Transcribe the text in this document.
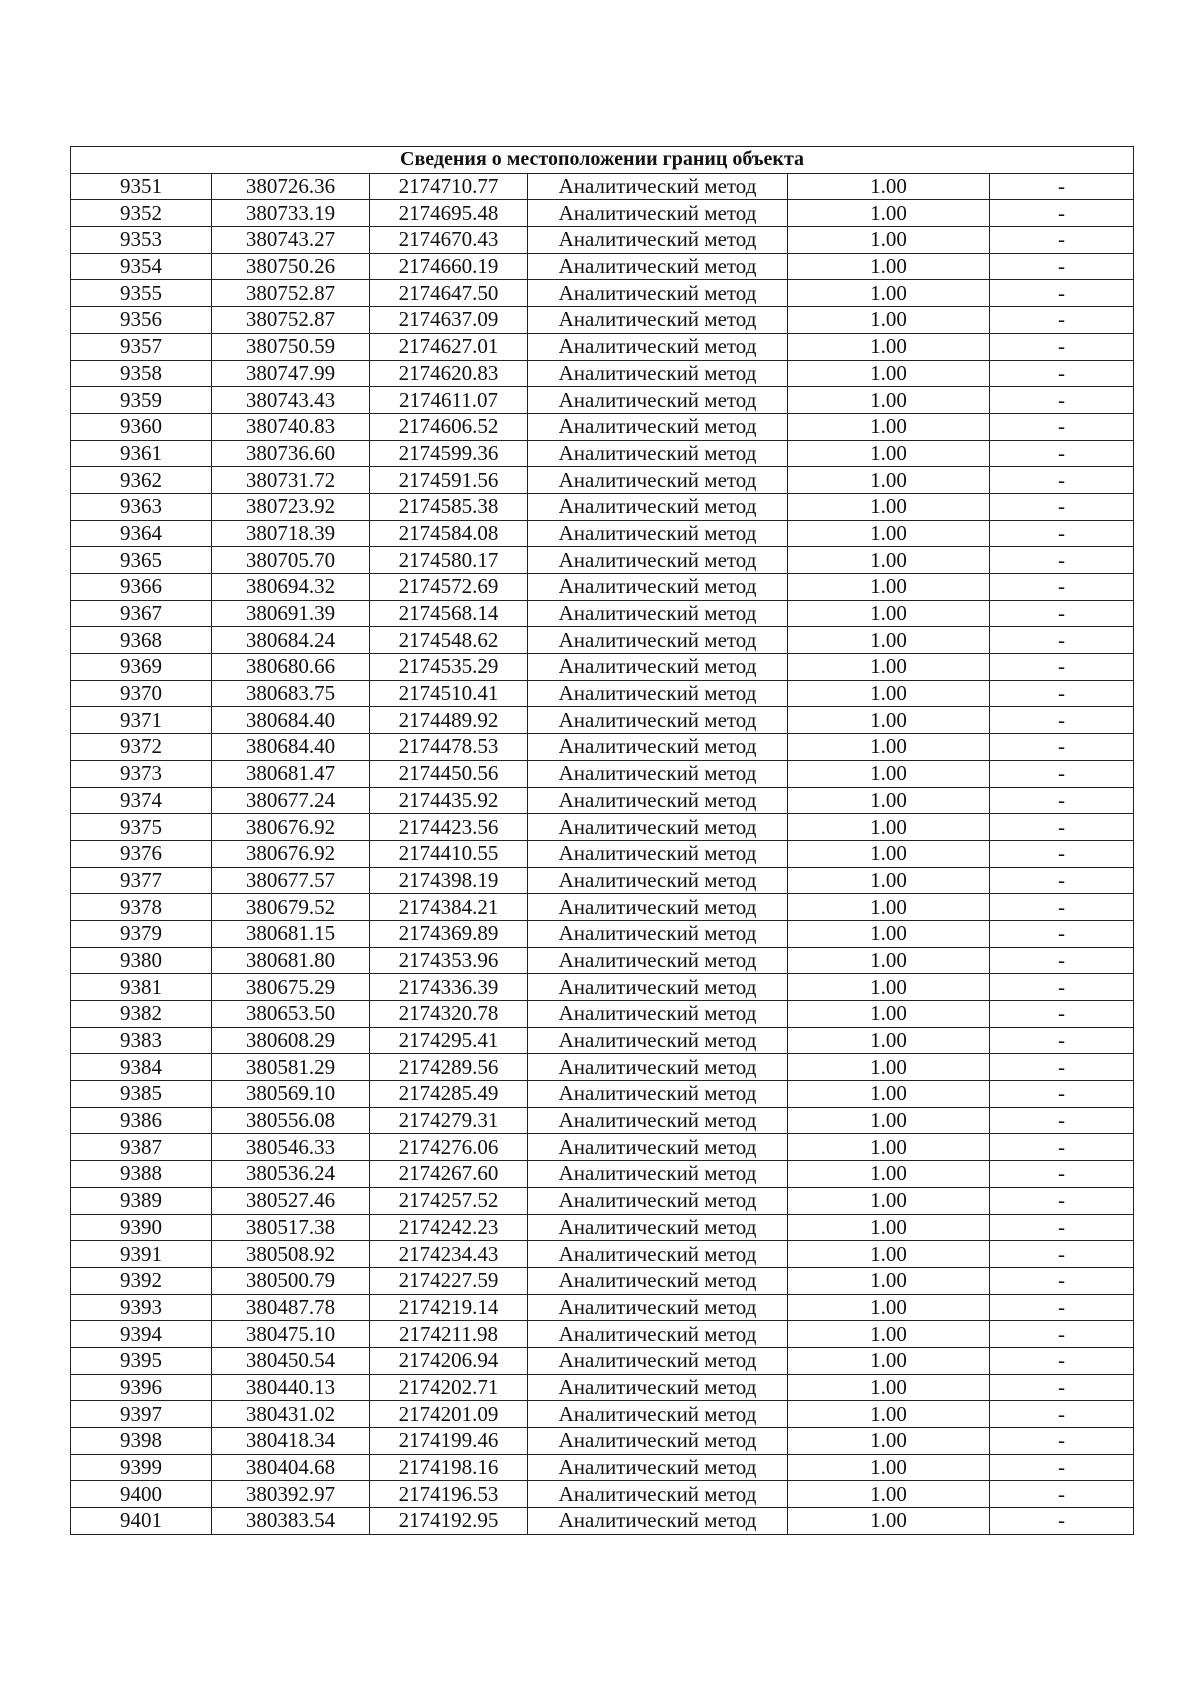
Сведения о местоположении границ объекта					
9351	380726.36	2174710.77	Аналитический метод	1.00	-
9352	380733.19	2174695.48	Аналитический метод	1.00	-
9353	380743.27	2174670.43	Аналитический метод	1.00	-
9354	380750.26	2174660.19	Аналитический метод	1.00	-
9355	380752.87	2174647.50	Аналитический метод	1.00	-
9356	380752.87	2174637.09	Аналитический метод	1.00	-
9357	380750.59	2174627.01	Аналитический метод	1.00	-
9358	380747.99	2174620.83	Аналитический метод	1.00	-
9359	380743.43	2174611.07	Аналитический метод	1.00	-
9360	380740.83	2174606.52	Аналитический метод	1.00	-
9361	380736.60	2174599.36	Аналитический метод	1.00	-
9362	380731.72	2174591.56	Аналитический метод	1.00	-
9363	380723.92	2174585.38	Аналитический метод	1.00	-
9364	380718.39	2174584.08	Аналитический метод	1.00	-
9365	380705.70	2174580.17	Аналитический метод	1.00	-
9366	380694.32	2174572.69	Аналитический метод	1.00	-
9367	380691.39	2174568.14	Аналитический метод	1.00	-
9368	380684.24	2174548.62	Аналитический метод	1.00	-
9369	380680.66	2174535.29	Аналитический метод	1.00	-
9370	380683.75	2174510.41	Аналитический метод	1.00	-
9371	380684.40	2174489.92	Аналитический метод	1.00	-
9372	380684.40	2174478.53	Аналитический метод	1.00	-
9373	380681.47	2174450.56	Аналитический метод	1.00	-
9374	380677.24	2174435.92	Аналитический метод	1.00	-
9375	380676.92	2174423.56	Аналитический метод	1.00	-
9376	380676.92	2174410.55	Аналитический метод	1.00	-
9377	380677.57	2174398.19	Аналитический метод	1.00	-
9378	380679.52	2174384.21	Аналитический метод	1.00	-
9379	380681.15	2174369.89	Аналитический метод	1.00	-
9380	380681.80	2174353.96	Аналитический метод	1.00	-
9381	380675.29	2174336.39	Аналитический метод	1.00	-
9382	380653.50	2174320.78	Аналитический метод	1.00	-
9383	380608.29	2174295.41	Аналитический метод	1.00	-
9384	380581.29	2174289.56	Аналитический метод	1.00	-
9385	380569.10	2174285.49	Аналитический метод	1.00	-
9386	380556.08	2174279.31	Аналитический метод	1.00	-
9387	380546.33	2174276.06	Аналитический метод	1.00	-
9388	380536.24	2174267.60	Аналитический метод	1.00	-
9389	380527.46	2174257.52	Аналитический метод	1.00	-
9390	380517.38	2174242.23	Аналитический метод	1.00	-
9391	380508.92	2174234.43	Аналитический метод	1.00	-
9392	380500.79	2174227.59	Аналитический метод	1.00	-
9393	380487.78	2174219.14	Аналитический метод	1.00	-
9394	380475.10	2174211.98	Аналитический метод	1.00	-
9395	380450.54	2174206.94	Аналитический метод	1.00	-
9396	380440.13	2174202.71	Аналитический метод	1.00	-
9397	380431.02	2174201.09	Аналитический метод	1.00	-
9398	380418.34	2174199.46	Аналитический метод	1.00	-
9399	380404.68	2174198.16	Аналитический метод	1.00	-
9400	380392.97	2174196.53	Аналитический метод	1.00	-
9401	380383.54	2174192.95	Аналитический метод	1.00	-
